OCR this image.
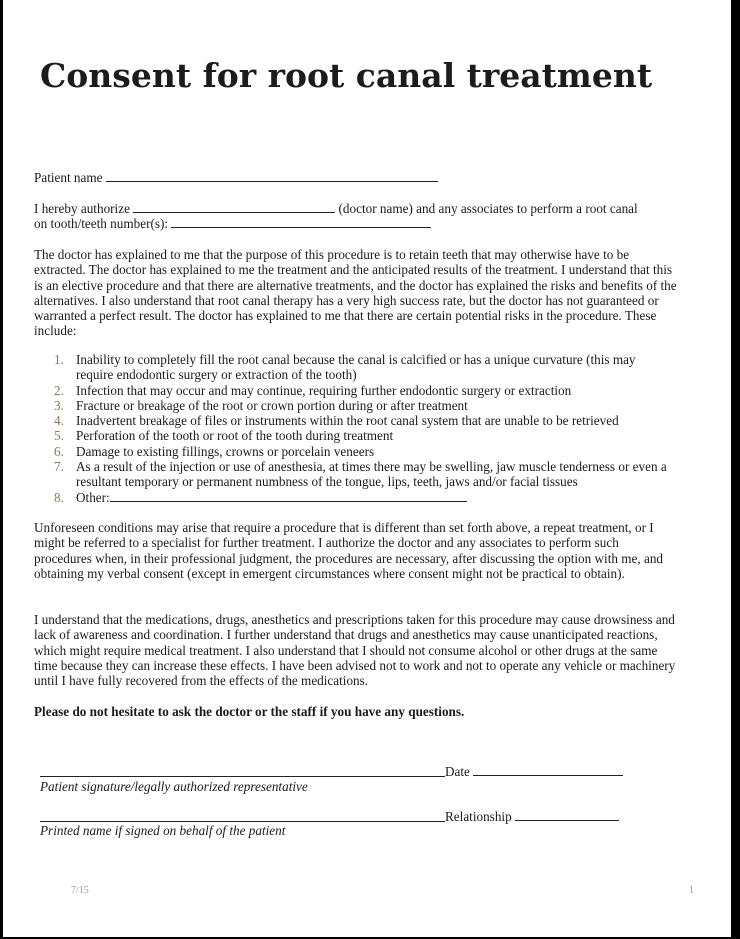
Consent for root canal treatment
Patient name
I hereby authorize	(doctor name) and any associates to perform a root canal
on tooth/teeth number(s):

The doctor has explained to me that the purpose of this procedure is to retain teeth that may otherwise have to be extracted. The doctor has explained to me the treatment and the anticipated results of the treatment. I understand that this is an elective procedure and that there are alternative treatments, and the doctor has explained the risks and benefits of the alternatives. I also understand that root canal therapy has a very high success rate, but the doctor has not guaranteed or warranted a perfect result. The doctor has explained to me that there are certain potential risks in the procedure. These include:

1. Inability to completely fill the root canal because the canal is calcified or has a unique curvature (this may require endodontic surgery or extraction of the tooth)
2. Infection that may occur and may continue, requiring further endodontic surgery or extraction
3. Fracture or breakage of the root or crown portion during or after treatment
4. Inadvertent breakage of files or instruments within the root canal system that are unable to be retrieved
5. Perforation of the tooth or root of the tooth during treatment
6. Damage to existing fillings, crowns or porcelain veneers
7. As a result of the injection or use of anesthesia, at times there may be swelling, jaw muscle tenderness or even a resultant temporary or permanent numbness of the tongue, lips, teeth, jaws and/or facial tissues
8. Other:

Unforeseen conditions may arise that require a procedure that is different than set forth above, a repeat treatment, or I might be referred to a specialist for further treatment. I authorize the doctor and any associates to perform such procedures when, in their professional judgment, the procedures are necessary, after discussing the option with me, and obtaining my verbal consent (except in emergent circumstances where consent might not be practical to obtain).

I understand that the medications, drugs, anesthetics and prescriptions taken for this procedure may cause drowsiness and lack of awareness and coordination. I further understand that drugs and anesthetics may cause unanticipated reactions, which might require medical treatment. I also understand that I should not consume alcohol or other drugs at the same time because they can increase these effects. I have been advised not to work and not to operate any vehicle or machinery until I have fully recovered from the effects of the medications.

Please do not hesitate to ask the doctor or the staff if you have any questions.

Date
Patient signature/legally authorized representative
Relationship
Printed name if signed on behalf of the patient
7/15	1
